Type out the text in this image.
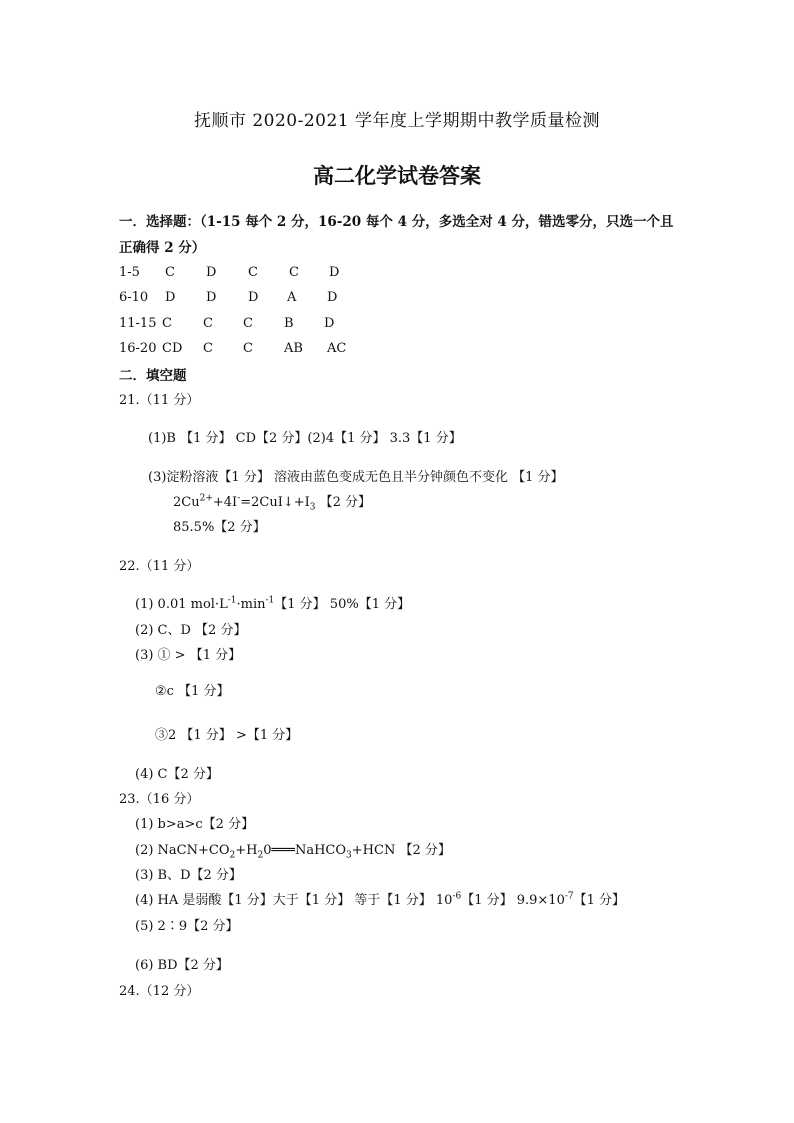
抚顺市 2020-2021 学年度上学期期中教学质量检测
高二化学试卷答案
一．选择题：（1-15 每个 2 分，16-20 每个 4 分，多选全对 4 分，错选零分，只选一个且
正确得 2 分）
1-5 C D C C D
6-10 D D D A D
11-15 C C C B D
16-20 CD C C AB AC
二．填空题
21.（11 分）
(1)B 【1 分】 CD【2 分】(2)4【1 分】 3.3【1 分】
(3)淀粉溶液【1 分】 溶液由蓝色变成无色且半分钟颜色不变化 【1 分】
$2Cu^{2+}+4I^-=2CuI↓+I_3$ 【2 分】
85.5%【2 分】
22.（11 分）
(1) 0.01 $mol\cdot L^{-1}\cdot\min^{-1}$【1 分】 50%【1 分】
(2) C、D 【2 分】
(3) ① > 【1 分】
②c 【1 分】
③2 【1 分】 >【1 分】
(4) C【2 分】
23.（16 分）
(1) b>a>c【2 分】
(2) $NaCN+CO_2+H_20═══NaHCO_3+HCN$ 【2 分】
(3) B、D【2 分】
(4) HA 是弱酸【1 分】大于【1 分】 等于【1 分】 $10^{-6}$【1 分】 $9.9\times 10^{-7}$【1 分】
(5) 2∶9【2 分】
(6) BD【2 分】
24.（12 分）
